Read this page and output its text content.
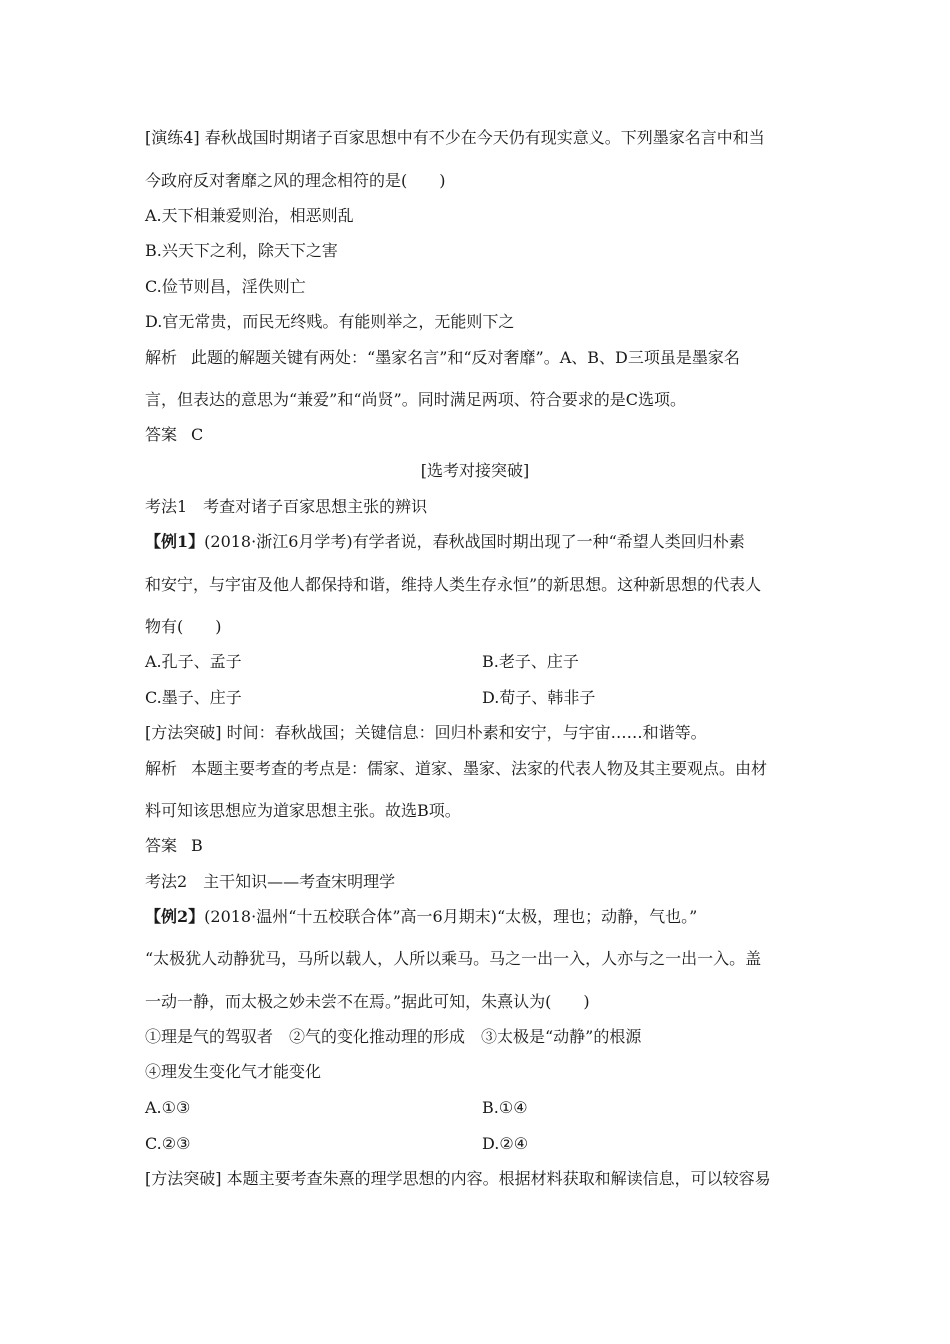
[演练4] 春秋战国时期诸子百家思想中有不少在今天仍有现实意义。下列墨家名言中和当
今政府反对奢靡之风的理念相符的是(　　)
A.天下相兼爱则治，相恶则乱
B.兴天下之利，除天下之害
C.俭节则昌，淫佚则亡
D.官无常贵，而民无终贱。有能则举之，无能则下之
解析 此题的解题关键有两处：“墨家名言”和“反对奢靡”。A、B、D三项虽是墨家名
言，但表达的意思为“兼爱”和“尚贤”。同时满足两项、符合要求的是C选项。
答案 C
[选考对接突破]
考法1　考查对诸子百家思想主张的辨识
【例1】(2018·浙江6月学考)有学者说，春秋战国时期出现了一种“希望人类回归朴素
和安宁，与宇宙及他人都保持和谐，维持人类生存永恒”的新思想。这种新思想的代表人
物有(　　)
A.孔子、孟子	B.老子、庄子
C.墨子、庄子	D.荀子、韩非子
[方法突破] 时间：春秋战国；关键信息：回归朴素和安宁，与宇宙……和谐等。
解析 本题主要考查的考点是：儒家、道家、墨家、法家的代表人物及其主要观点。由材
料可知该思想应为道家思想主张。故选B项。
答案 B
考法2　主干知识——考查宋明理学
【例2】(2018·温州“十五校联合体”高一6月期末)“太极，理也；动静，气也。”
“太极犹人动静犹马，马所以载人，人所以乘马。马之一出一入，人亦与之一出一入。盖
一动一静，而太极之妙未尝不在焉。”据此可知，朱熹认为(　　)
①理是气的驾驭者　②气的变化推动理的形成　③太极是“动静”的根源
④理发生变化气才能变化
A.①③	B.①④
C.②③	D.②④
[方法突破] 本题主要考查朱熹的理学思想的内容。根据材料获取和解读信息，可以较容易
